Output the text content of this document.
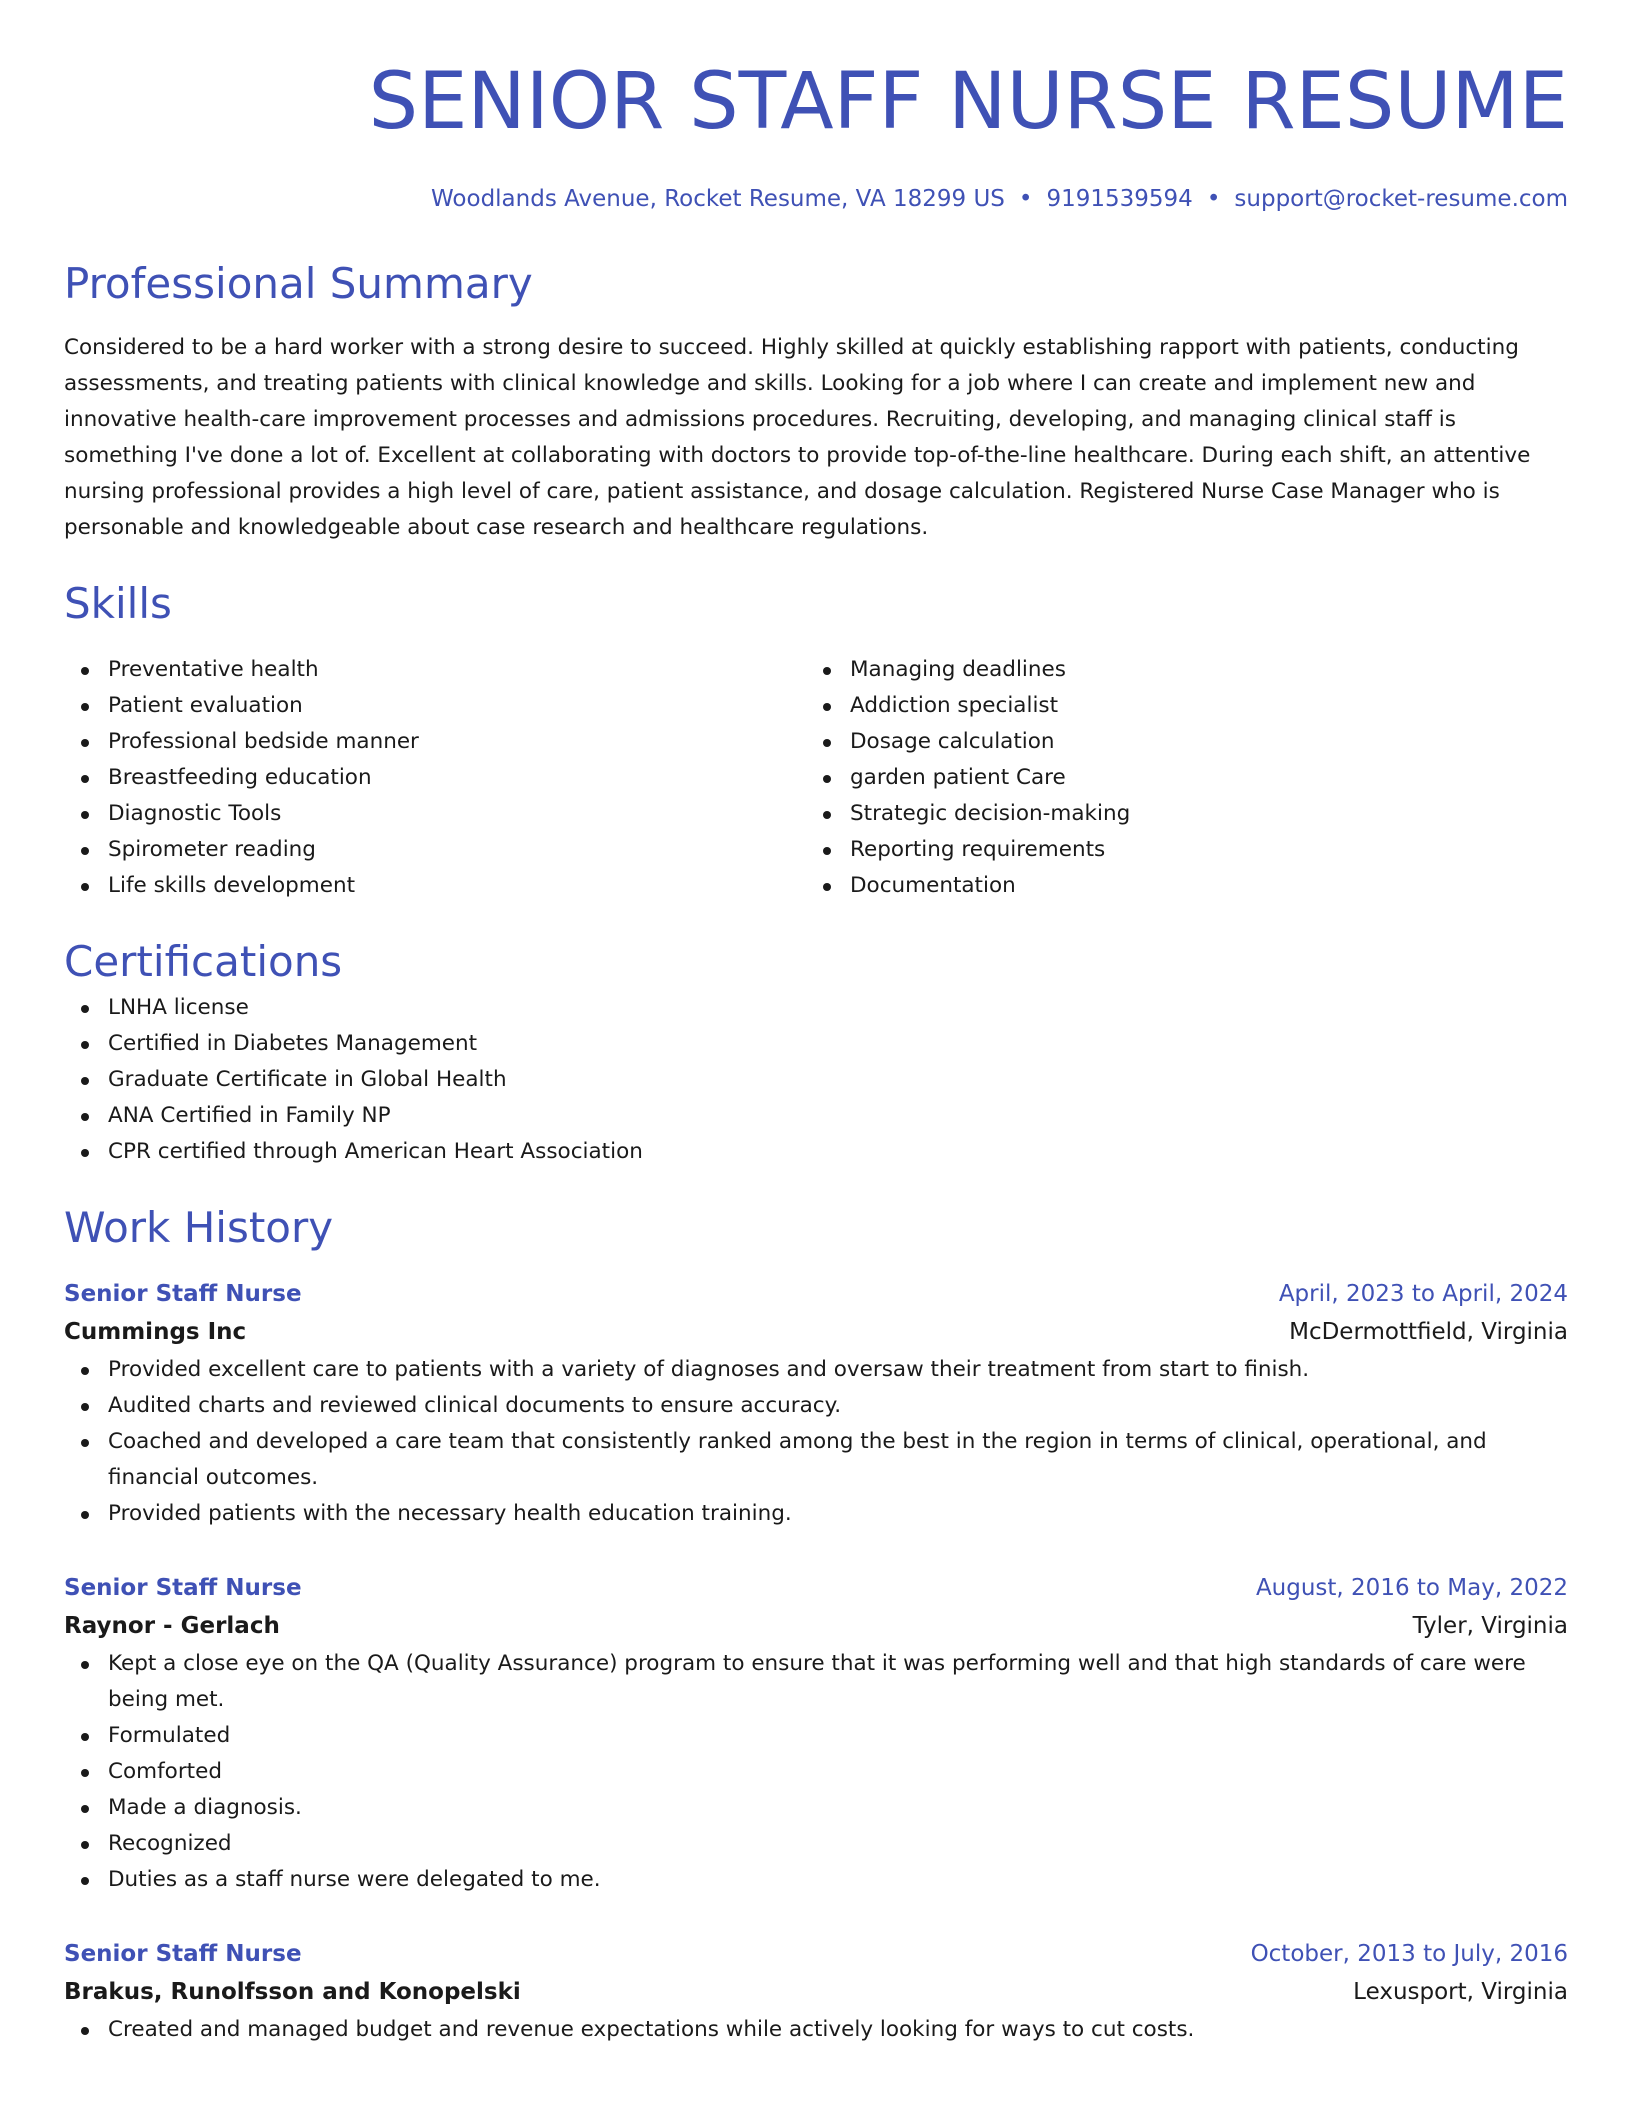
SENIOR STAFF NURSE RESUME
Woodlands Avenue, Rocket Resume, VA 18299 US • 9191539594 • support@rocket-resume.com
Professional Summary
Considered to be a hard worker with a strong desire to succeed. Highly skilled at quickly establishing rapport with patients, conducting assessments, and treating patients with clinical knowledge and skills. Looking for a job where I can create and implement new and innovative health-care improvement processes and admissions procedures. Recruiting, developing, and managing clinical staff is something I've done a lot of. Excellent at collaborating with doctors to provide top-of-the-line healthcare. During each shift, an attentive nursing professional provides a high level of care, patient assistance, and dosage calculation. Registered Nurse Case Manager who is personable and knowledgeable about case research and healthcare regulations.
Skills
Preventative health
Patient evaluation
Professional bedside manner
Breastfeeding education
Diagnostic Tools
Spirometer reading
Life skills development
Managing deadlines
Addiction specialist
Dosage calculation
garden patient Care
Strategic decision-making
Reporting requirements
Documentation
Certifications
LNHA license
Certified in Diabetes Management
Graduate Certificate in Global Health
ANA Certified in Family NP
CPR certified through American Heart Association
Work History
Senior Staff Nurse	April, 2023 to April, 2024
Cummings Inc	McDermottfield, Virginia
Provided excellent care to patients with a variety of diagnoses and oversaw their treatment from start to finish.
Audited charts and reviewed clinical documents to ensure accuracy.
Coached and developed a care team that consistently ranked among the best in the region in terms of clinical, operational, and financial outcomes.
Provided patients with the necessary health education training.
Senior Staff Nurse	August, 2016 to May, 2022
Raynor - Gerlach	Tyler, Virginia
Kept a close eye on the QA (Quality Assurance) program to ensure that it was performing well and that high standards of care were being met.
Formulated
Comforted
Made a diagnosis.
Recognized
Duties as a staff nurse were delegated to me.
Senior Staff Nurse	October, 2013 to July, 2016
Brakus, Runolfsson and Konopelski	Lexusport, Virginia
Created and managed budget and revenue expectations while actively looking for ways to cut costs.
